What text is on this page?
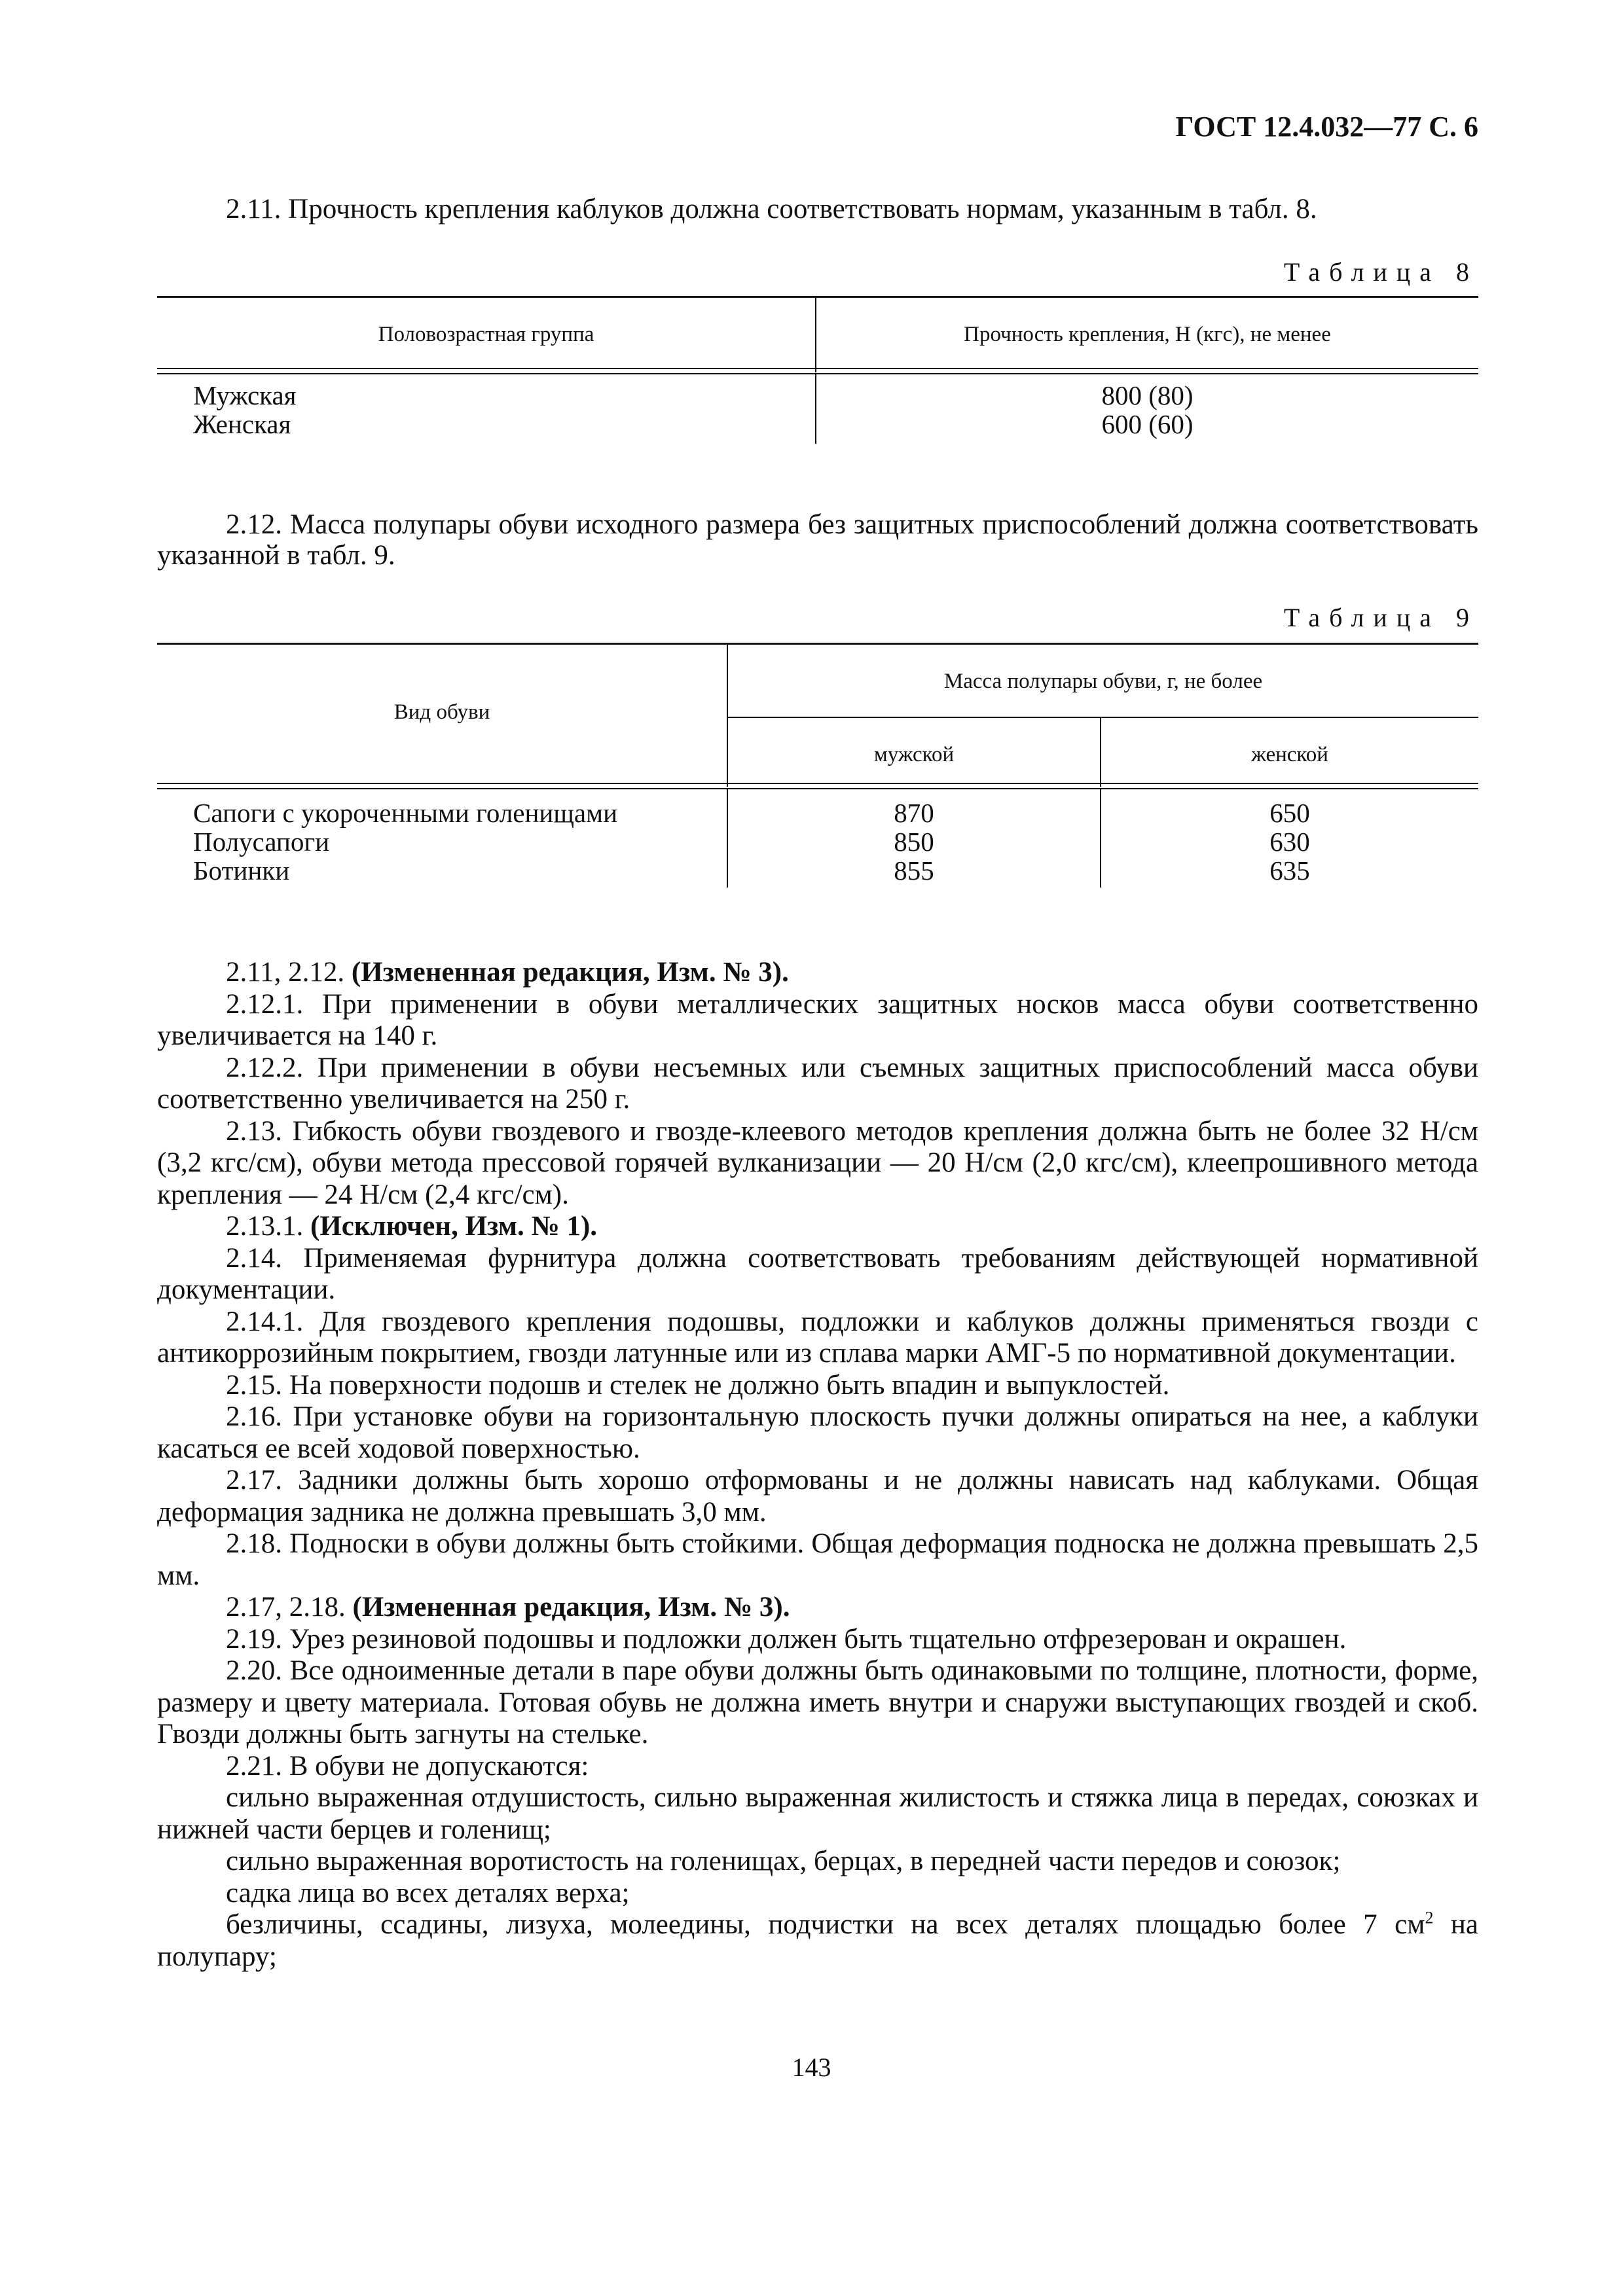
ГОСТ 12.4.032—77 С. 6

2.11. Прочность крепления каблуков должна соответствовать нормам, указанным в табл. 8.

Таблица 8
Половозрастная группа	Прочность крепления, Н (кгс), не менее
Мужская
Женская
800 (80)
600 (60)

2.12. Масса полупары обуви исходного размера без защитных приспособлений должна соответствовать указанной в табл. 9.

Таблица 9
Вид обуви
Масса полупары обуви, г, не более
мужской	женской
Сапоги с укороченными голенищами
Полусапоги
Ботинки
870
850
855
650
630
635

2.11, 2.12. (Измененная редакция, Изм. № 3).

2.12.1. При применении в обуви металлических защитных носков масса обуви соответственно увеличивается на 140 г.

2.12.2. При применении в обуви несъемных или съемных защитных приспособлений масса обуви соответственно увеличивается на 250 г.

2.13. Гибкость обуви гвоздевого и гвозде-клеевого методов крепления должна быть не более 32 Н/см (3,2 кгс/см), обуви метода прессовой горячей вулканизации — 20 Н/см (2,0 кгс/см), клеепрошивного метода крепления — 24 Н/см (2,4 кгс/см).

2.13.1. (Исключен, Изм. № 1).

2.14. Применяемая фурнитура должна соответствовать требованиям действующей нормативной документации.

2.14.1. Для гвоздевого крепления подошвы, подложки и каблуков должны применяться гвозди с антикоррозийным покрытием, гвозди латунные или из сплава марки АМГ-5 по нормативной документации.

2.15. На поверхности подошв и стелек не должно быть впадин и выпуклостей.

2.16. При установке обуви на горизонтальную плоскость пучки должны опираться на нее, а каблуки касаться ее всей ходовой поверхностью.

2.17. Задники должны быть хорошо отформованы и не должны нависать над каблуками. Общая деформация задника не должна превышать 3,0 мм.

2.18. Подноски в обуви должны быть стойкими. Общая деформация подноска не должна превышать 2,5 мм.

2.17, 2.18. (Измененная редакция, Изм. № 3).

2.19. Урез резиновой подошвы и подложки должен быть тщательно отфрезерован и окрашен.

2.20. Все одноименные детали в паре обуви должны быть одинаковыми по толщине, плотности, форме, размеру и цвету материала. Готовая обувь не должна иметь внутри и снаружи выступающих гвоздей и скоб. Гвозди должны быть загнуты на стельке.

2.21. В обуви не допускаются:

сильно выраженная отдушистость, сильно выраженная жилистость и стяжка лица в передах, союзках и нижней части берцев и голенищ;

сильно выраженная воротистость на голенищах, берцах, в передней части передов и союзок;

садка лица во всех деталях верха;

безличины, ссадины, лизуха, молеедины, подчистки на всех деталях площадью более 7 $см^2$ на полупару;

143
